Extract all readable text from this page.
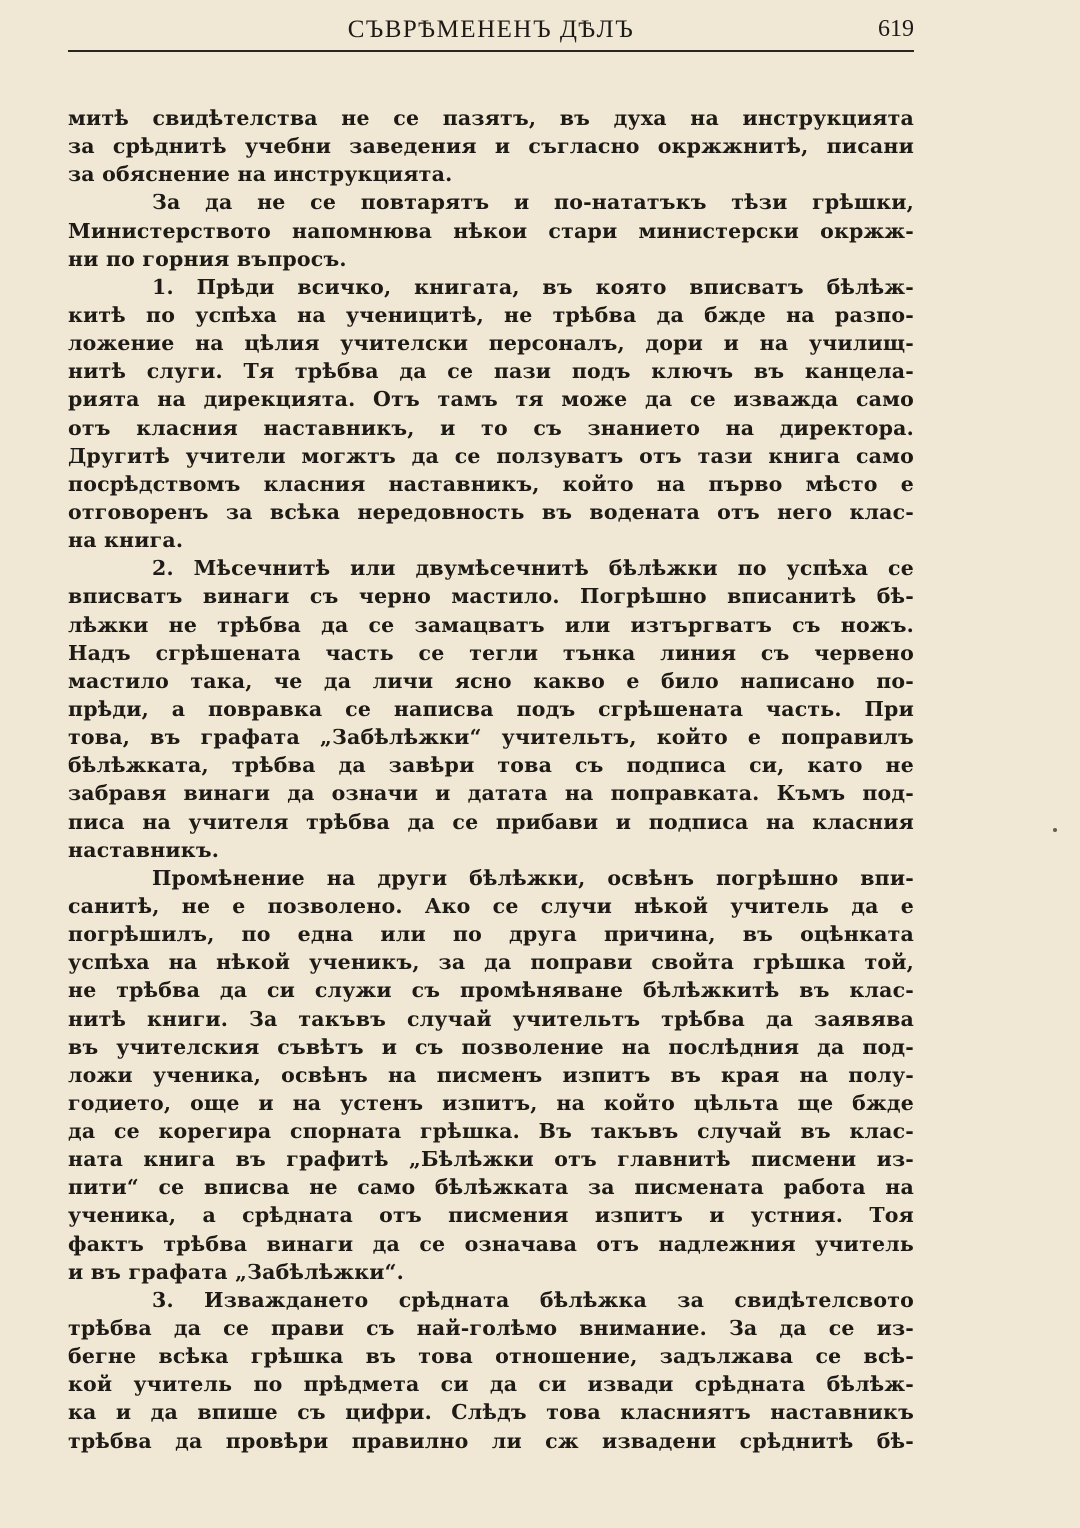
СЪВРѢМЕНЕНЪ ДѢЛЪ	619
митѣ свидѣтелства не се пазятъ, въ духа на инструкцията
за срѣднитѣ учебни заведения и съгласно окржжнитѣ, писани
за обяснение на инструкцията.
За да не се повтарятъ и по-нататъкъ тѣзи грѣшки,
Министерството напомнюва нѣкои стари министерски окржж-
ни по горния въпросъ.
1. Прѣди всичко, книгата, въ която вписватъ бѣлѣж-
китѣ по успѣха на ученицитѣ, не трѣбва да бжде на разпо-
ложение на цѣлия учителски персоналъ, дори и на училищ-
нитѣ слуги. Тя трѣбва да се пази подъ ключъ въ канцела-
рията на дирекцията. Отъ тамъ тя може да се изважда само
отъ класния наставникъ, и то съ знанието на директора.
Другитѣ учители могжтъ да се ползуватъ отъ тази книга само
посрѣдствомъ класния наставникъ, който на първо мѣсто е
отговоренъ за всѣка нередовность въ водената отъ него клас-
на книга.
2. Мѣсечнитѣ или двумѣсечнитѣ бѣлѣжки по успѣха се
вписватъ винаги съ черно мастило. Погрѣшно вписанитѣ бѣ-
лѣжки не трѣбва да се замацватъ или изтъргватъ съ ножъ.
Надъ сгрѣшената часть се тегли тънка линия съ червено
мастило така, че да личи ясно какво е било написано по-
прѣди, а повравка се написва подъ сгрѣшената часть. При
това, въ графата „Забѣлѣжки“ учительтъ, който е поправилъ
бѣлѣжката, трѣбва да завѣри това съ подписа си, като не
забравя винаги да означи и датата на поправката. Къмъ под-
писа на учителя трѣбва да се прибави и подписа на класния
наставникъ.
Промѣнение на други бѣлѣжки, освѣнъ погрѣшно впи-
санитѣ, не е позволено. Ако се случи нѣкой учитель да е
погрѣшилъ, по една или по друга причина, въ оцѣнката
успѣха на нѣкой ученикъ, за да поправи свойта грѣшка той,
не трѣбва да си служи съ промѣняване бѣлѣжкитѣ въ клас-
нитѣ книги. За такъвъ случай учительтъ трѣбва да заявява
въ учителския съвѣтъ и съ позволение на послѣдния да под-
ложи ученика, освѣнъ на писменъ изпитъ въ края на полу-
годието, още и на устенъ изпитъ, на който цѣльта ще бжде
да се корегира спорната грѣшка. Въ такъвъ случай въ клас-
ната книга въ графитѣ „Бѣлѣжки отъ главнитѣ писмени из-
пити“ се вписва не само бѣлѣжката за писмената работа на
ученика, а срѣдната отъ писмения изпитъ и устния. Тоя
фактъ трѣбва винаги да се означава отъ надлежния учитель
и въ графата „Забѣлѣжки“.
3. Изваждането срѣдната бѣлѣжка за свидѣтелсвото
трѣбва да се прави съ най-голѣмо внимание. За да се из-
бегне всѣка грѣшка въ това отношение, задължава се всѣ-
кой учитель по прѣдмета си да си извади срѣдната бѣлѣж-
ка и да впише съ цифри. Слѣдъ това класниятъ наставникъ
трѣбва да провѣри правилно ли сж извадени срѣднитѣ бѣ-
